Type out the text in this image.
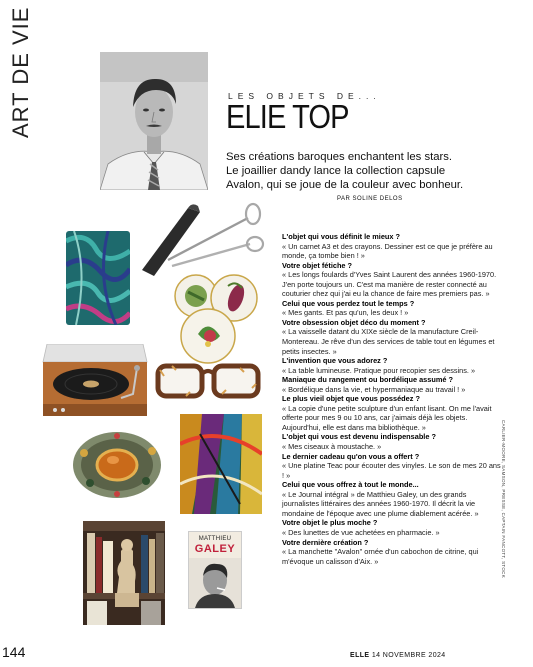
ART DE VIE	LES OBJETS DE...
ELIE TOP
Ses créations baroques enchantent les stars. Le joaillier dandy lance la collection capsule Avalon, qui se joue de la couleur avec bonheur.
PAR SOLINE DELOS
MATTHIEU
GALEY
L'objet qui vous définit le mieux ?

« Un carnet A3 et des crayons. Dessiner est ce que je préfère au monde, ça tombe bien ! »

Votre objet fétiche ?

« Les longs foulards d'Yves Saint Laurent des années 1960-1970. J'en porte toujours un. C'est ma manière de rester connecté au couturier chez qui j'ai eu la chance de faire mes premiers pas. »

Celui que vous perdez tout le temps ?

« Mes gants. Et pas qu'un, les deux ! »

Votre obsession objet déco du moment ?

« La vaisselle datant du XIXe siècle de la manufacture Creil-Montereau. Je rêve d'un des services de table tout en légumes et petits insectes. »

L'invention que vous adorez ?

« La table lumineuse. Pratique pour recopier ses dessins. »

Maniaque du rangement ou bordélique assumé ?

« Bordélique dans la vie, et hypermaniaque au travail ! »

Le plus vieil objet que vous possédez ?

« La copie d'une petite sculpture d'un enfant lisant. On me l'avait offerte pour mes 9 ou 10 ans, car j'aimais déjà les objets. Aujourd'hui, elle est dans ma bibliothèque. »

L'objet qui vous est devenu indispensable ?

« Mes ciseaux à moustache. »

Le dernier cadeau qu'on vous a offert ?

« Une platine Teac pour écouter des vinyles. Le son de mes 20 ans ! »

Celui que vous offrez à tout le monde...

« Le Journal intégral » de Matthieu Galey, un des grands journalistes littéraires des années 1960-1970. Il décrit la vie mondaine de l'époque avec une plume diablement acérée. »

Votre objet le plus moche ?

« Des lunettes de vue achetées en pharmacie. »

Votre dernière création ?

« La manchette "Avalon" ornée d'un cabochon de citrine, qui m'évoque un calisson d'Aix. »	CARLIER-MOORE, SAMSON, PRESSE, CAPTAIN FANCOTT, STOCK
144	ELLE 14 NOVEMBRE 2024
